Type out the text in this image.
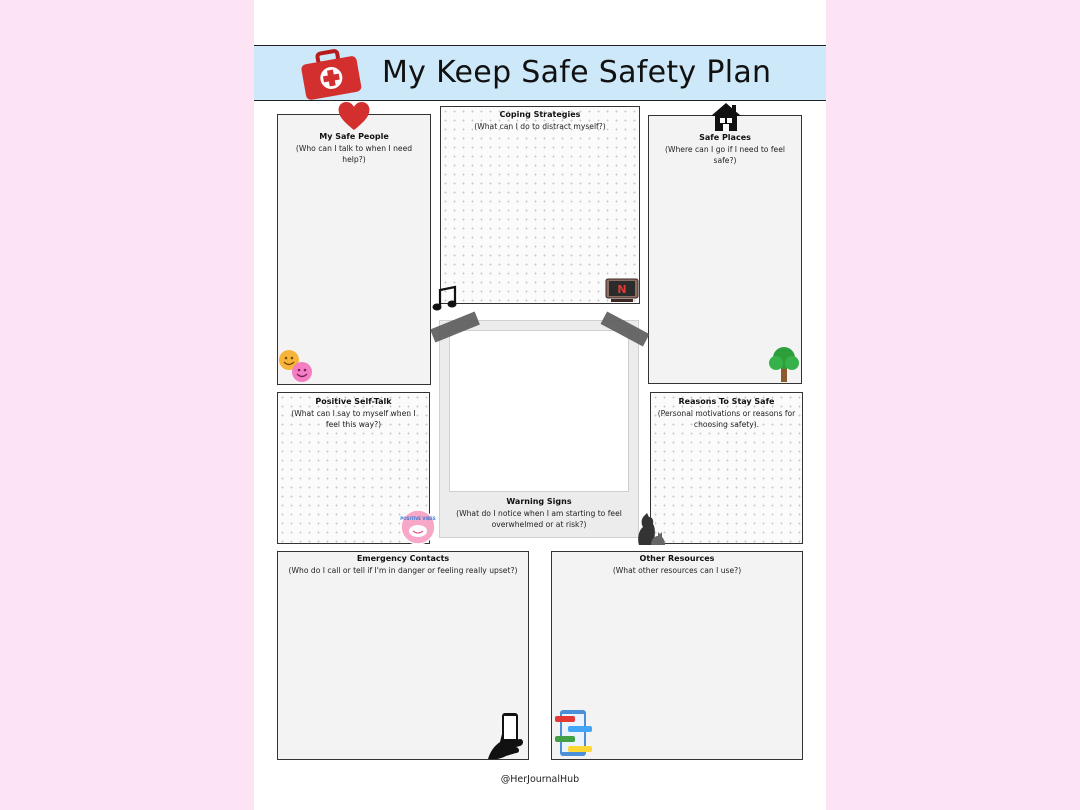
My Keep Safe Safety Plan
My Safe People
(Who can I talk to when I need help?)
Coping Strategies
(What can I do to distract myself?)
N
Safe Places
(Where can I go if I need to feel safe?)
Positive Self-Talk
(What can I say to myself when I feel this way?)
POSITIVE VIBES
Warning Signs
(What do I notice when I am starting to feel overwhelmed or at risk?)
Reasons To Stay Safe
(Personal motivations or reasons for choosing safety).
Emergency Contacts
(Who do I call or tell if I'm in danger or feeling really upset?)
Other Resources
(What other resources can I use?)
@HerJournalHub
